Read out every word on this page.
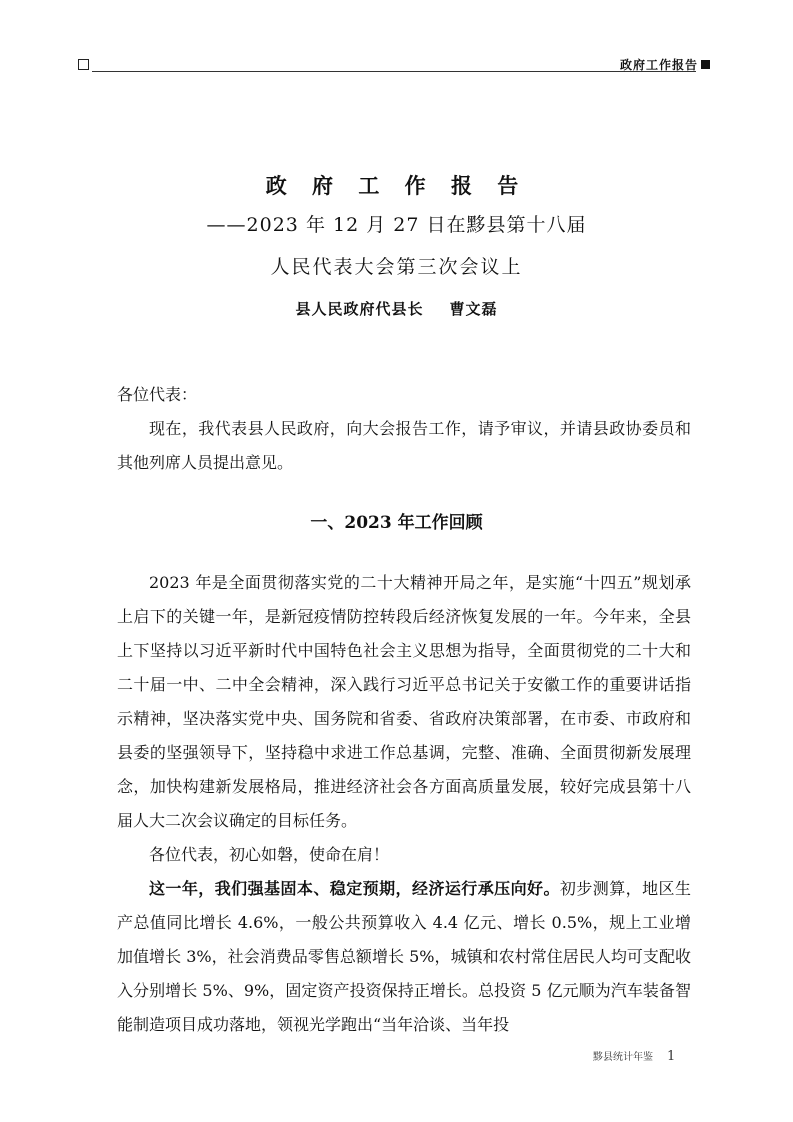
政府工作报告
政 府 工 作 报 告
——2023 年 12 月 27 日在黟县第十八届
人民代表大会第三次会议上
县人民政府代县长 曹文磊

各位代表：

现在，我代表县人民政府，向大会报告工作，请予审议，并请县政协委员和其他列席人员提出意见。

一、2023 年工作回顾

2023 年是全面贯彻落实党的二十大精神开局之年，是实施“十四五”规划承上启下的关键一年，是新冠疫情防控转段后经济恢复发展的一年。今年来，全县上下坚持以习近平新时代中国特色社会主义思想为指导，全面贯彻党的二十大和二十届一中、二中全会精神，深入践行习近平总书记关于安徽工作的重要讲话指示精神，坚决落实党中央、国务院和省委、省政府决策部署，在市委、市政府和县委的坚强领导下，坚持稳中求进工作总基调，完整、准确、全面贯彻新发展理念，加快构建新发展格局，推进经济社会各方面高质量发展，较好完成县第十八届人大二次会议确定的目标任务。

各位代表，初心如磐，使命在肩！

这一年，我们强基固本、稳定预期，经济运行承压向好。初步测算，地区生产总值同比增长 4.6%，一般公共预算收入 4.4 亿元、增长 0.5%，规上工业增加值增长 3%，社会消费品零售总额增长 5%，城镇和农村常住居民人均可支配收入分别增长 5%、9%，固定资产投资保持正增长。总投资 5 亿元顺为汽车装备智能制造项目成功落地，领视光学跑出“当年洽谈、当年投

黟县统计年鉴 1
